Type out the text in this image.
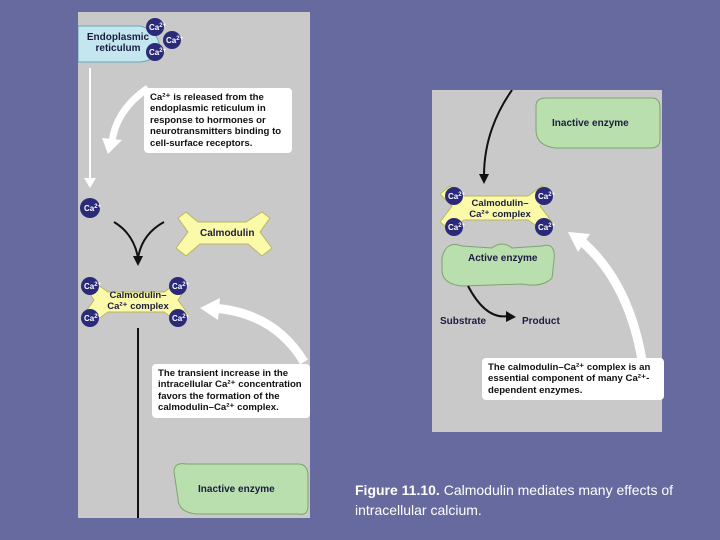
Endoplasmic
reticulum
Ca²⁺ is released from the endoplasmic reticulum in response to hormones or neurotransmitters binding to cell-surface receptors.
Calmodulin
Calmodulin–
Ca²⁺ complex
The transient increase in the intracellular Ca²⁺ concentration favors the formation of the calmodulin–Ca²⁺ complex.
Inactive enzyme
Inactive enzyme
Calmodulin–
Ca²⁺ complex
Active enzyme
Substrate	Product
The calmodulin–Ca²⁺ complex is an essential component of many Ca²⁺-dependent enzymes.
$Ca^{2+}$
$Ca^{2+}$
$Ca^{2+}$
$Ca^{2+}$
$Ca^{2+}$	$Ca^{2+}$
$Ca^{2+}$	$Ca^{2+}$
$Ca^{2+}$	$Ca^{2+}$
$Ca^{2+}$	$Ca^{2+}$
Figure 11.10. Calmodulin mediates many effects of intracellular calcium.
